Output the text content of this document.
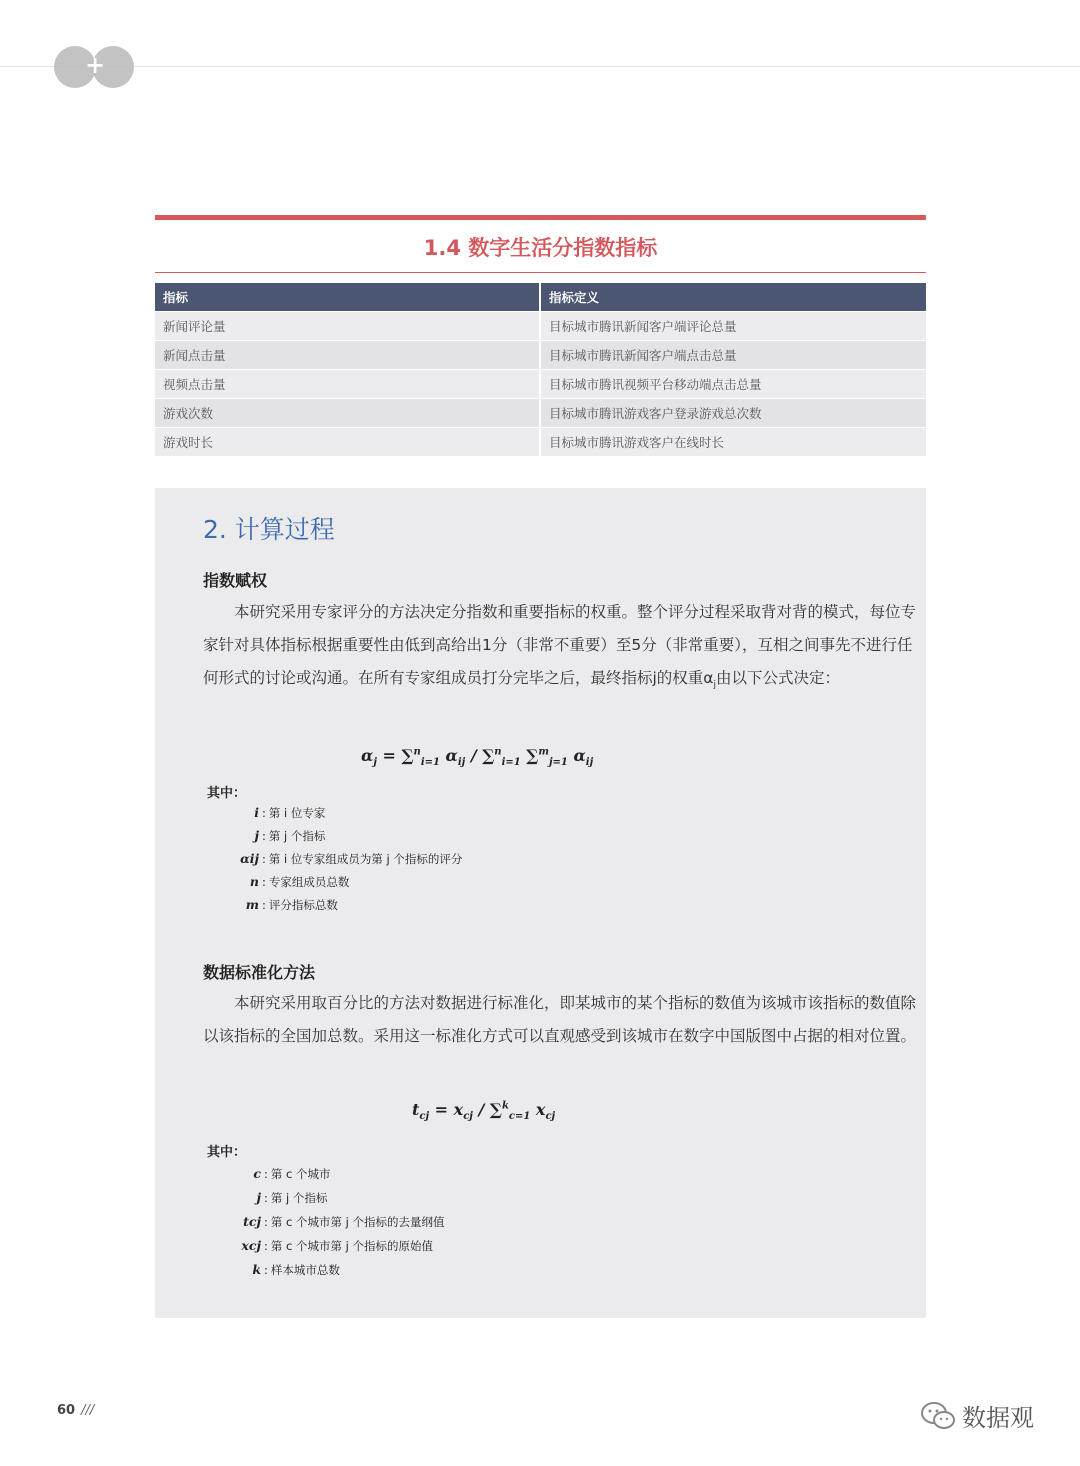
+
1.4 数字生活分指数指标
指标	指标定义
新闻评论量	目标城市腾讯新闻客户端评论总量
新闻点击量	目标城市腾讯新闻客户端点击总量
视频点击量	目标城市腾讯视频平台移动端点击总量
游戏次数	目标城市腾讯游戏客户登录游戏总次数
游戏时长	目标城市腾讯游戏客户在线时长
2. 计算过程
指数赋权
本研究采用专家评分的方法决定分指数和重要指标的权重。整个评分过程采取背对背的模式，每位专家针对具体指标根据重要性由低到高给出1分（非常不重要）至5分（非常重要），互相之间事先不进行任何形式的讨论或沟通。在所有专家组成员打分完毕之后，最终指标j的权重$\alpha_j$由以下公式决定：
$\alpha_j = \sum^n_{i=1}$ $\alpha_{ij} / \sum^n_{i=1}$ ∑$^m_{j=1}$ $\alpha_{ij}$
其中：
i : 第 i 位专家
j : 第 j 个指标
αij : 第 i 位专家组成员为第 j 个指标的评分
n : 专家组成员总数
m : 评分指标总数
数据标准化方法
本研究采用取百分比的方法对数据进行标准化，即某城市的某个指标的数值为该城市该指标的数值除以该指标的全国加总数。采用这一标准化方式可以直观感受到该城市在数字中国版图中占据的相对位置。
$t_{cj} = x_{cj} / \sum^k_{c=1}$ $x_{cj}$
其中：
c : 第 c 个城市
j : 第 j 个指标
tcj : 第 c 个城市第 j 个指标的去量纲值
xcj : 第 c 个城市第 j 个指标的原始值
k : 样本城市总数
60 ///	数据观
